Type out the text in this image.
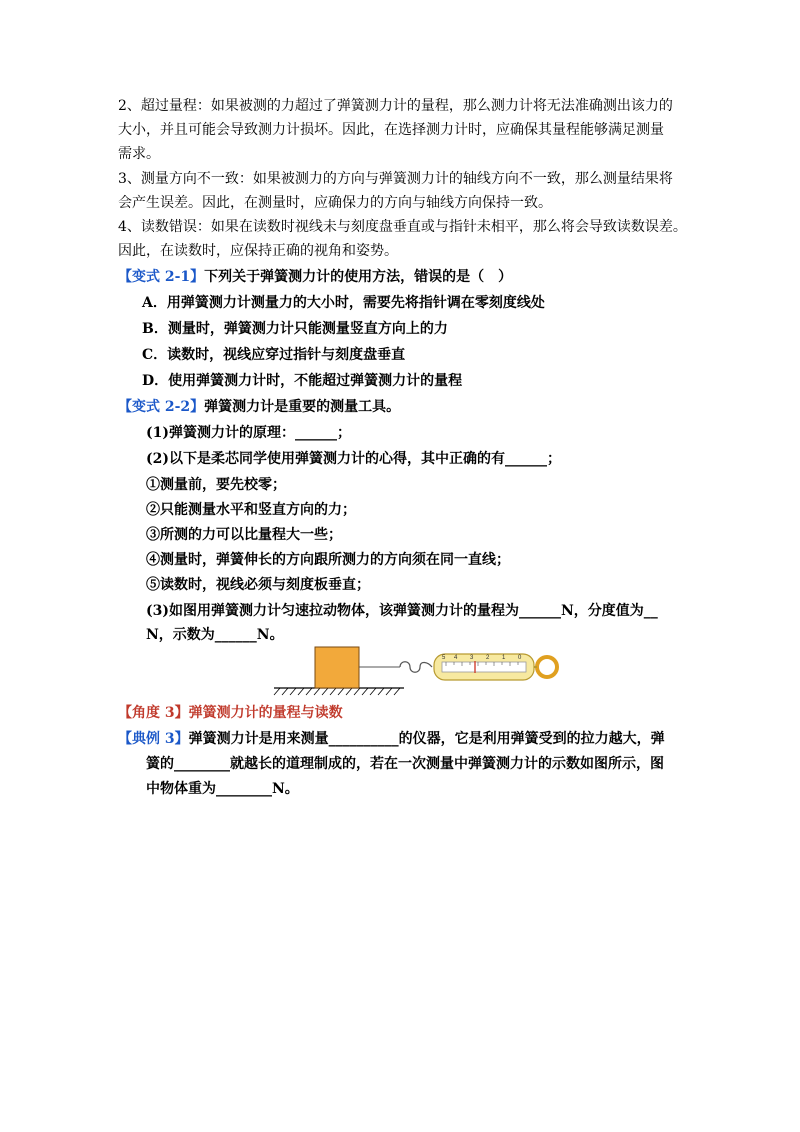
2、超过量程：如果被测的力超过了弹簧测力计的量程，那么测力计将无法准确测出该力的
大小，并且可能会导致测力计损坏。因此，在选择测力计时，应确保其量程能够满足测量
需求。
3、测量方向不一致：如果被测力的方向与弹簧测力计的轴线方向不一致，那么测量结果将
会产生误差。因此，在测量时，应确保力的方向与轴线方向保持一致。
4、读数错误：如果在读数时视线未与刻度盘垂直或与指针未相平，那么将会导致读数误差。
因此，在读数时，应保持正确的视角和姿势。
【变式 2-1】下列关于弹簧测力计的使用方法，错误的是（　）
A．用弹簧测力计测量力的大小时，需要先将指针调在零刻度线处
B．测量时，弹簧测力计只能测量竖直方向上的力
C．读数时，视线应穿过指针与刻度盘垂直
D．使用弹簧测力计时，不能超过弹簧测力计的量程
【变式 2-2】弹簧测力计是重要的测量工具。
(1)弹簧测力计的原理：______；
(2)以下是柔芯同学使用弹簧测力计的心得，其中正确的有______；
①测量前，要先校零；
②只能测量水平和竖直方向的力；
③所测的力可以比量程大一些；
④测量时，弹簧伸长的方向跟所测力的方向须在同一直线；
⑤读数时，视线必须与刻度板垂直；
(3)如图用弹簧测力计匀速拉动物体，该弹簧测力计的量程为______N，分度值为__
N，示数为______N。
0
1
2
3
4
5
【角度 3】弹簧测力计的量程与读数
【典例 3】弹簧测力计是用来测量__________的仪器，它是利用弹簧受到的拉力越大，弹
簧的________就越长的道理制成的，若在一次测量中弹簧测力计的示数如图所示，图
中物体重为________N。
